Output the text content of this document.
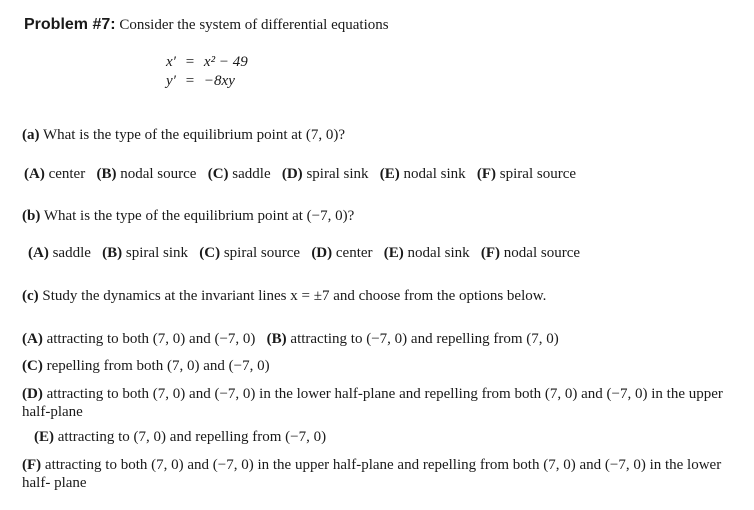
Problem #7: Consider the system of differential equations
x′ = x² − 49
y′ = −8xy
(a) What is the type of the equilibrium point at (7, 0)?
(A) center (B) nodal source (C) saddle (D) spiral sink (E) nodal sink (F) spiral source
(b) What is the type of the equilibrium point at (−7, 0)?
(A) saddle (B) spiral sink (C) spiral source (D) center (E) nodal sink (F) nodal source
(c) Study the dynamics at the invariant lines x = ±7 and choose from the options below.
(A) attracting to both (7, 0) and (−7, 0) (B) attracting to (−7, 0) and repelling from (7, 0)
(C) repelling from both (7, 0) and (−7, 0)
(D) attracting to both (7, 0) and (−7, 0) in the lower half-plane and repelling from both (7, 0) and (−7, 0) in the upper half-plane
(E) attracting to (7, 0) and repelling from (−7, 0)
(F) attracting to both (7, 0) and (−7, 0) in the upper half-plane and repelling from both (7, 0) and (−7, 0) in the lower half- plane
